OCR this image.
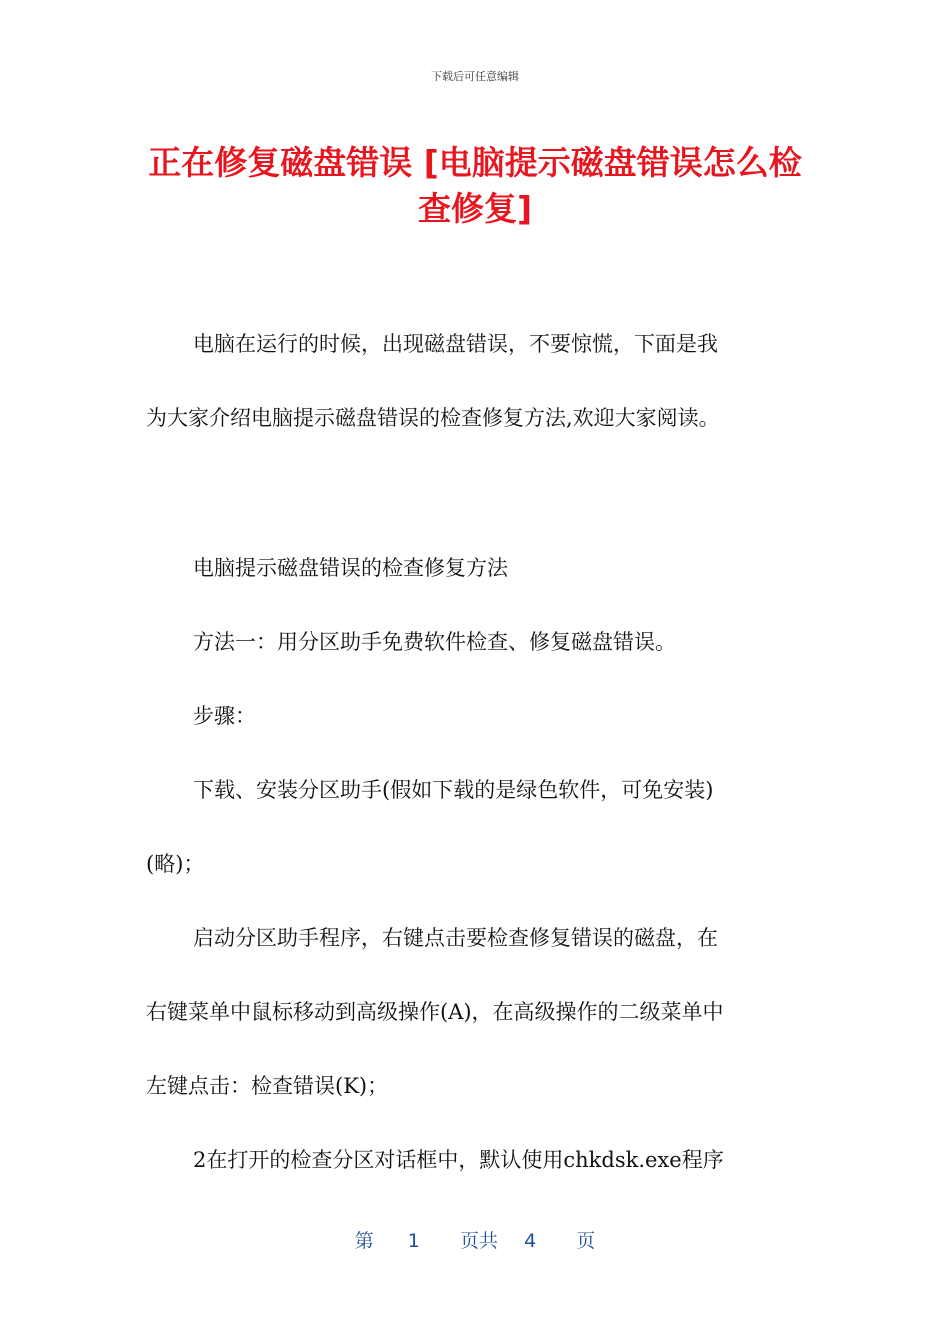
下载后可任意编辑
正在修复磁盘错误 [电脑提示磁盘错误怎么检
查修复]

电脑在运行的时候，出现磁盘错误，不要惊慌，下面是我

为大家介绍电脑提示磁盘错误的检查修复方法,欢迎大家阅读。

电脑提示磁盘错误的检查修复方法

方法一：用分区助手免费软件检查、修复磁盘错误。

步骤：

下载、安装分区助手(假如下载的是绿色软件，可免安装)

(略)；

启动分区助手程序，右键点击要检查修复错误的磁盘，在

右键菜单中鼠标移动到高级操作(A)，在高级操作的二级菜单中

左键点击：检查错误(K)；

2在打开的检查分区对话框中，默认使用chkdsk.exe程序

第 1 页共 4 页
